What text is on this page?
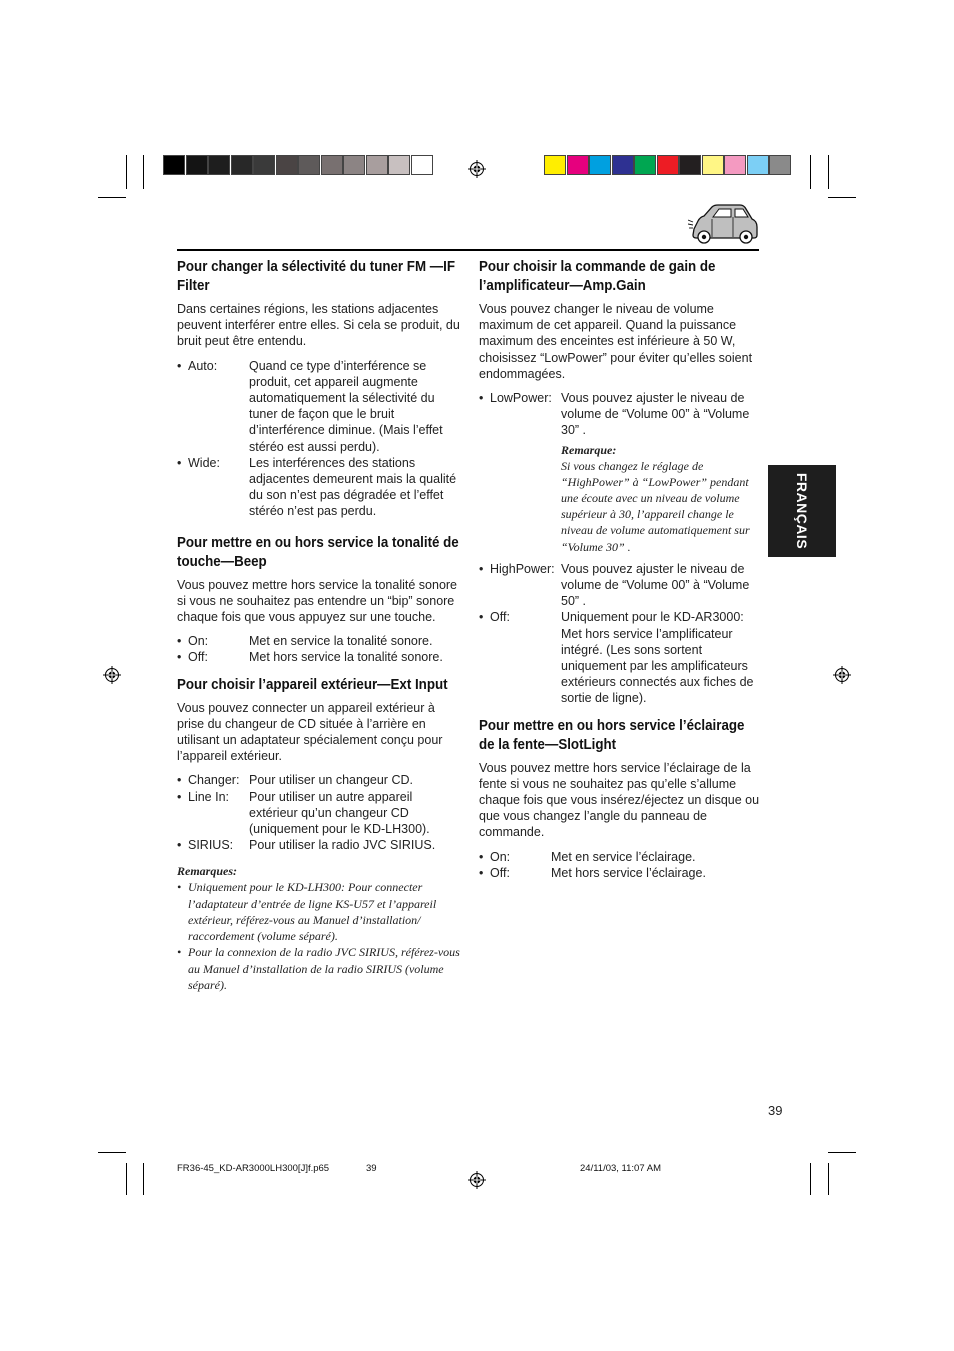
Pour changer la sélectivité du tuner FM —IF Filter

Dans certaines régions, les stations adjacentes peuvent interférer entre elles. Si cela se produit, du bruit peut être entendu.

• Auto:	Quand ce type d’interférence se produit, cet appareil augmente automatiquement la sélectivité du tuner de façon que le bruit d’interférence diminue. (Mais l’effet stéréo est aussi perdu).
• Wide:	Les interférences des stations adjacentes demeurent mais la qualité du son n’est pas dégradée et l’effet stéréo n’est pas perdu.
Pour mettre en ou hors service la tonalité de touche—Beep

Vous pouvez mettre hors service la tonalité sonore si vous ne souhaitez pas entendre un “bip” sonore chaque fois que vous appuyez sur une touche.

• On:	Met en service la tonalité sonore.
• Off:	Met hors service la tonalité sonore.
Pour choisir l’appareil extérieur—Ext Input

Vous pouvez connecter un appareil extérieur à prise du changeur de CD située à l’arrière en utilisant un adaptateur spécialement conçu pour l’appareil extérieur.

• Changer: Pour utiliser un changeur CD.
• Line In:	Pour utiliser un autre appareil extérieur qu’un changeur CD (uniquement pour le KD-LH300).
• SIRIUS:	Pour utiliser la radio JVC SIRIUS.

Remarques:

• Uniquement pour le KD-LH300: Pour connecter l’adaptateur d’entrée de ligne KS-U57 et l’appareil extérieur, référez-vous au Manuel d’installation/ raccordement (volume séparé).
• Pour la connexion de la radio JVC SIRIUS, référez-vous au Manuel d’installation de la radio SIRIUS (volume séparé).
Pour choisir la commande de gain de l’amplificateur—Amp.Gain

Vous pouvez changer le niveau de volume maximum de cet appareil. Quand la puissance maximum des enceintes est inférieure à 50 W, choisissez “LowPower” pour éviter qu’elles soient endommagées.

• LowPower: Vous pouvez ajuster le niveau de volume de “Volume 00” à “Volume 30” .

Remarque:

Si vous changez le réglage de “HighPower” à “LowPower” pendant une écoute avec un niveau de volume supérieur à 30, l’appareil change le niveau de volume automatiquement sur “Volume 30” .

• HighPower: Vous pouvez ajuster le niveau de volume de “Volume 00” à “Volume 50” .
• Off:	Uniquement pour le KD-AR3000: Met hors service l’amplificateur intégré. (Les sons sortent uniquement par les amplificateurs extérieurs connectés aux fiches de sortie de ligne).
Pour mettre en ou hors service l’éclairage de la fente—SlotLight

Vous pouvez mettre hors service l’éclairage de la fente si vous ne souhaitez pas qu’elle s’allume chaque fois que vous insérez/éjectez un disque ou que vous changez l’angle du panneau de commande.

• On:	Met en service l’éclairage.
• Off:	Met hors service l’éclairage.
FRANÇAIS
39
FR36-45_KD-AR3000LH300[J]f.p65	39	24/11/03, 11:07 AM
